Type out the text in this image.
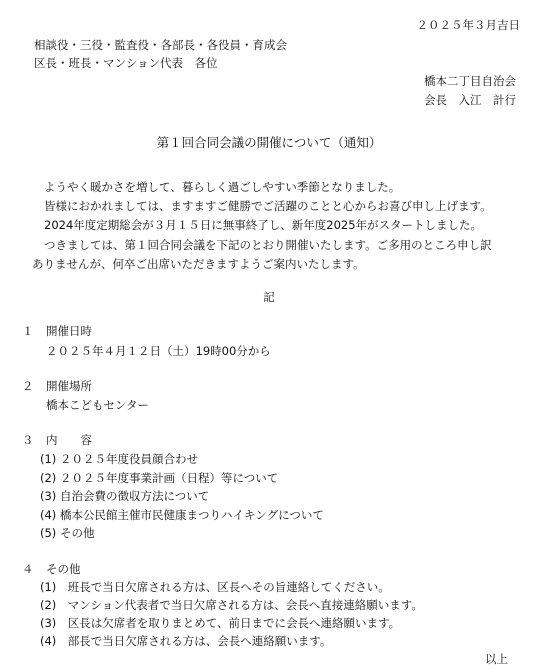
２０２５年３月吉日
相談役・三役・監査役・各部長・各役員・育成会
区長・班長・マンション代表　各位
橋本二丁目自治会
会長　入江　計行
第１回合同会議の開催について（通知）
ようやく暖かさを増して、暮らしく過ごしやすい季節となりました。
皆様におかれましては、ますますご健勝でご活躍のことと心からお喜び申し上げます。
2024年度定期総会が３月１５日に無事終了し、新年度2025年がスタートしました。
つきましては、第１回合同会議を下記のとおり開催いたします。ご多用のところ申し訳
ありませんが、何卒ご出席いただきますようご案内いたします。
記
１ 開催日時
２０２５年４月１２日（土）19時00分から
２ 開催場所
橋本こどもセンター
３ 内　　容
(1) ２０２５年度役員顔合わせ
(2) ２０２５年度事業計画（日程）等について
(3) 自治会費の徴収方法について
(4) 橋本公民館主催市民健康まつりハイキングについて
(5) その他
４ その他
(1)　班長で当日欠席される方は、区長へその旨連絡してください。
(2)　マンション代表者で当日欠席される方は、会長へ直接連絡願います。
(3)　区長は欠席者を取りまとめて、前日までに会長へ連絡願います。
(4)　部長で当日欠席される方は、会長へ連絡願います。
以上
